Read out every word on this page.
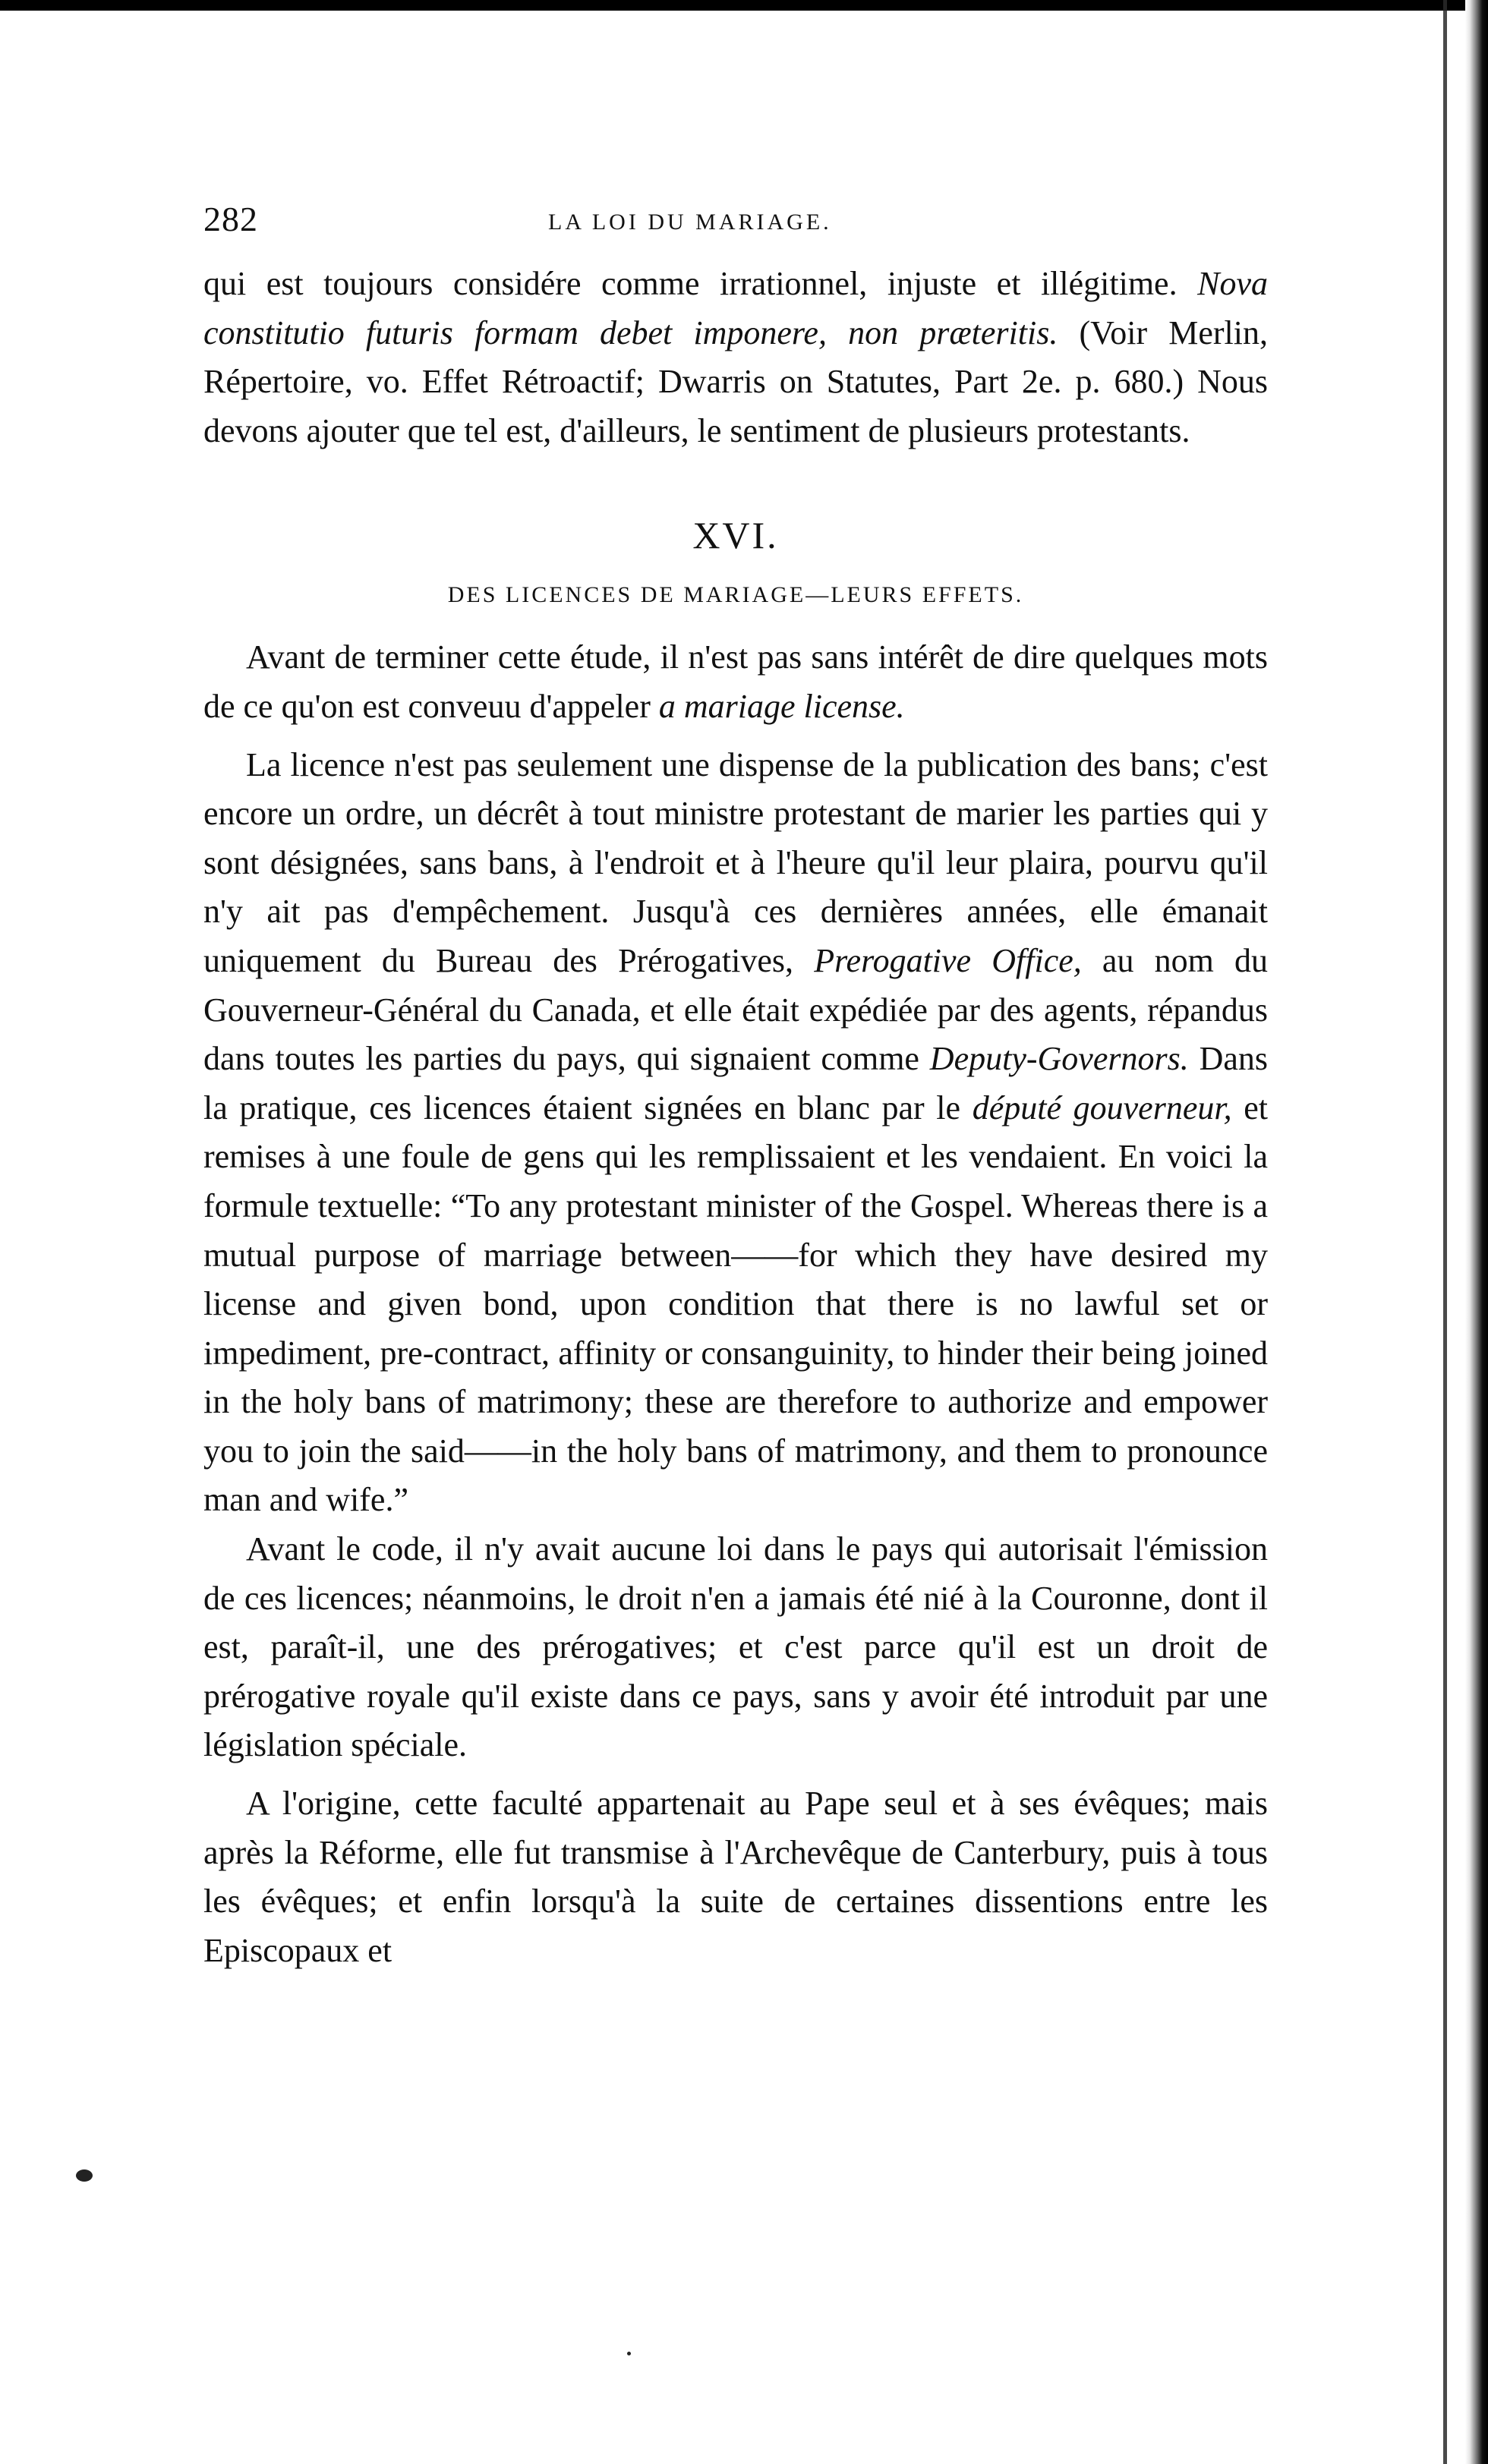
282	LA LOI DU MARIAGE.

qui est toujours considére comme irrationnel, injuste et illégitime. Nova constitutio futuris formam debet imponere, non præteritis. (Voir Merlin, Répertoire, vo. Effet Rétroactif; Dwarris on Statutes, Part 2e. p. 680.) Nous devons ajouter que tel est, d'ailleurs, le sentiment de plusieurs protestants.

XVI.
DES LICENCES DE MARIAGE—LEURS EFFETS.

Avant de terminer cette étude, il n'est pas sans intérêt de dire quelques mots de ce qu'on est conveuu d'appeler a mariage license.

La licence n'est pas seulement une dispense de la publication des bans; c'est encore un ordre, un décrêt à tout ministre protestant de marier les parties qui y sont désignées, sans bans, à l'endroit et à l'heure qu'il leur plaira, pourvu qu'il n'y ait pas d'empêchement. Jusqu'à ces dernières années, elle émanait uniquement du Bureau des Prérogatives, Prerogative Office, au nom du Gouverneur-Général du Canada, et elle était expédiée par des agents, répandus dans toutes les parties du pays, qui signaient comme Deputy-Governors. Dans la pratique, ces licences étaient signées en blanc par le député gouverneur, et remises à une foule de gens qui les remplissaient et les vendaient. En voici la formule textuelle: “To any protestant minister of the Gospel. Whereas there is a mutual purpose of marriage between——for which they have desired my license and given bond, upon condition that there is no lawful set or impediment, pre-contract, affinity or consanguinity, to hinder their being joined in the holy bans of matrimony; these are therefore to authorize and empower you to join the said——in the holy bans of matrimony, and them to pronounce man and wife.”

Avant le code, il n'y avait aucune loi dans le pays qui autorisait l'émission de ces licences; néanmoins, le droit n'en a jamais été nié à la Couronne, dont il est, paraît-il, une des prérogatives; et c'est parce qu'il est un droit de prérogative royale qu'il existe dans ce pays, sans y avoir été introduit par une législation spéciale.

A l'origine, cette faculté appartenait au Pape seul et à ses évêques; mais après la Réforme, elle fut transmise à l'Archevêque de Canterbury, puis à tous les évêques; et enfin lorsqu'à la suite de certaines dissentions entre les Episcopaux et
